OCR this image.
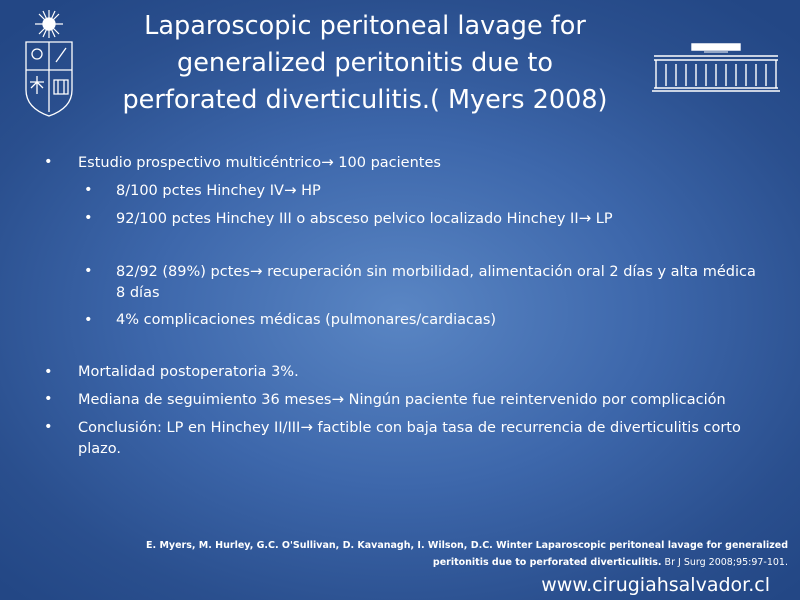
Laparoscopic peritoneal lavage for
generalized peritonitis due to
perforated diverticulitis.( Myers 2008)
• Estudio prospectivo multicéntrico→ 100 pacientes
• 8/100 pctes Hinchey IV→ HP
• 92/100 pctes Hinchey III o absceso pelvico localizado Hinchey II→ LP
• 82/92 (89%) pctes→ recuperación sin morbilidad, alimentación oral 2 días y alta médica 8 días
• 4% complicaciones médicas (pulmonares/cardiacas)
• Mortalidad postoperatoria 3%.
• Mediana de seguimiento 36 meses→ Ningún paciente fue reintervenido por complicación
• Conclusión: LP en Hinchey II/III→ factible con baja tasa de recurrencia de diverticulitis corto plazo.
E. Myers, M. Hurley, G.C. O'Sullivan, D. Kavanagh, I. Wilson, D.C. Winter Laparoscopic peritoneal lavage for generalized peritonitis due to perforated diverticulitis. Br J Surg 2008;95:97-101.
www.cirugiahsalvador.cl
